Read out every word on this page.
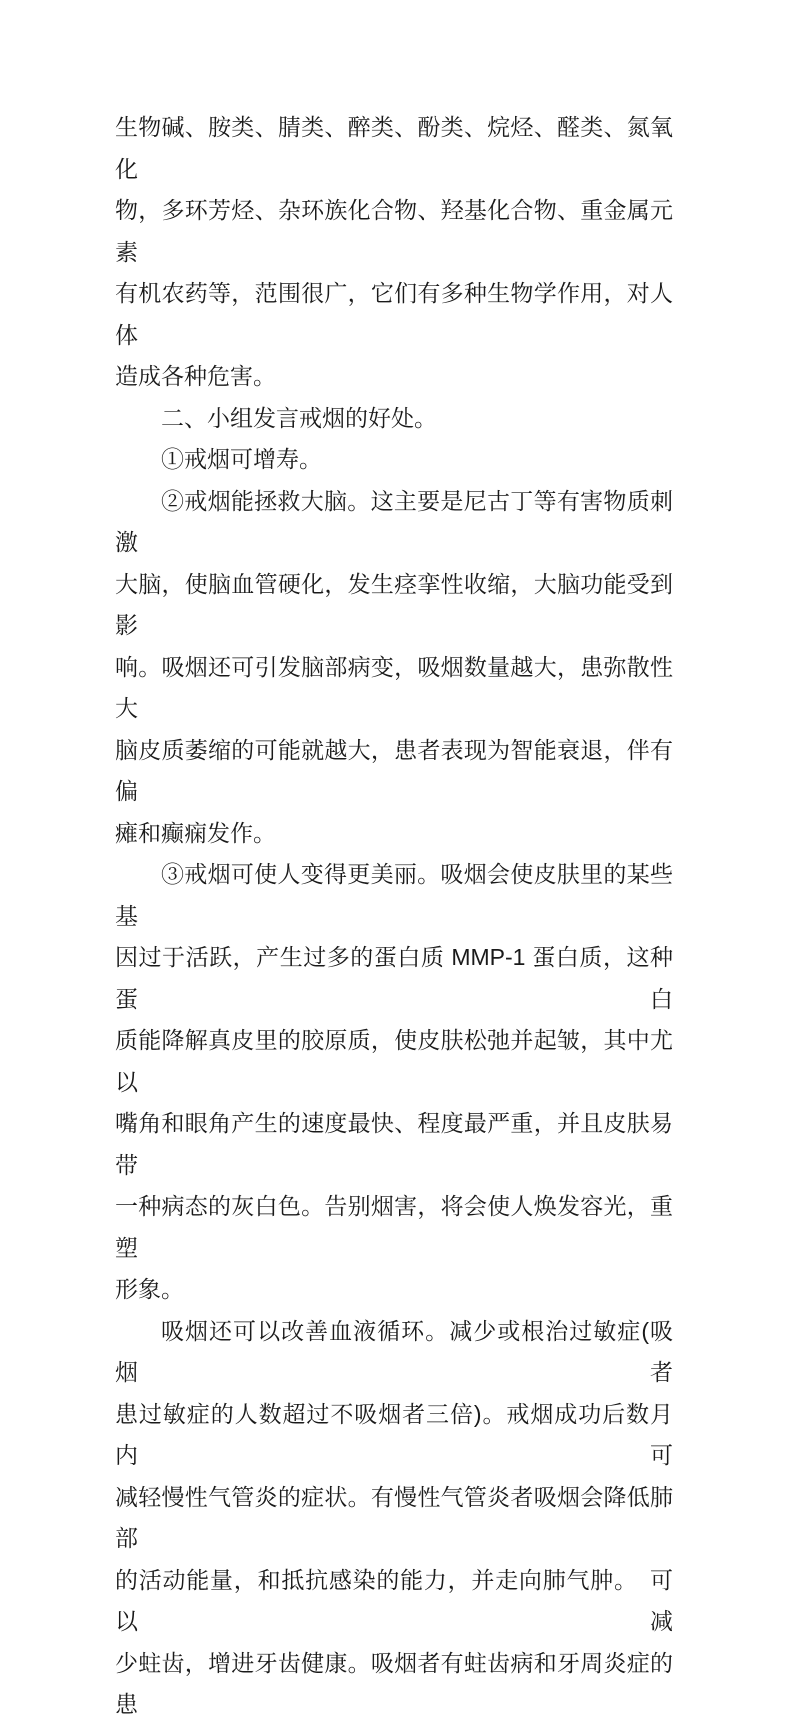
生物碱、胺类、腈类、醉类、酚类、烷烃、醛类、氮氧化
物，多环芳烃、杂环族化合物、羟基化合物、重金属元素
有机农药等，范围很广，它们有多种生物学作用，对人体
造成各种危害。
二、小组发言戒烟的好处。
①戒烟可增寿。
②戒烟能拯救大脑。这主要是尼古丁等有害物质刺激
大脑，使脑血管硬化，发生痉挛性收缩，大脑功能受到影
响。吸烟还可引发脑部病变，吸烟数量越大，患弥散性大
脑皮质萎缩的可能就越大，患者表现为智能衰退，伴有偏
瘫和癫痫发作。
③戒烟可使人变得更美丽。吸烟会使皮肤里的某些基
因过于活跃，产生过多的蛋白质 MMP-1 蛋白质，这种蛋白
质能降解真皮里的胶原质，使皮肤松弛并起皱，其中尤以
嘴角和眼角产生的速度最快、程度最严重，并且皮肤易带
一种病态的灰白色。告别烟害，将会使人焕发容光，重塑
形象。
吸烟还可以改善血液循环。减少或根治过敏症(吸烟者
患过敏症的人数超过不吸烟者三倍)。戒烟成功后数月内可
减轻慢性气管炎的症状。有慢性气管炎者吸烟会降低肺部
的活动能量，和抵抗感染的能力，并走向肺气肿。　可以减
少蛀齿，增进牙齿健康。吸烟者有蛀齿病和牙周炎症的患
